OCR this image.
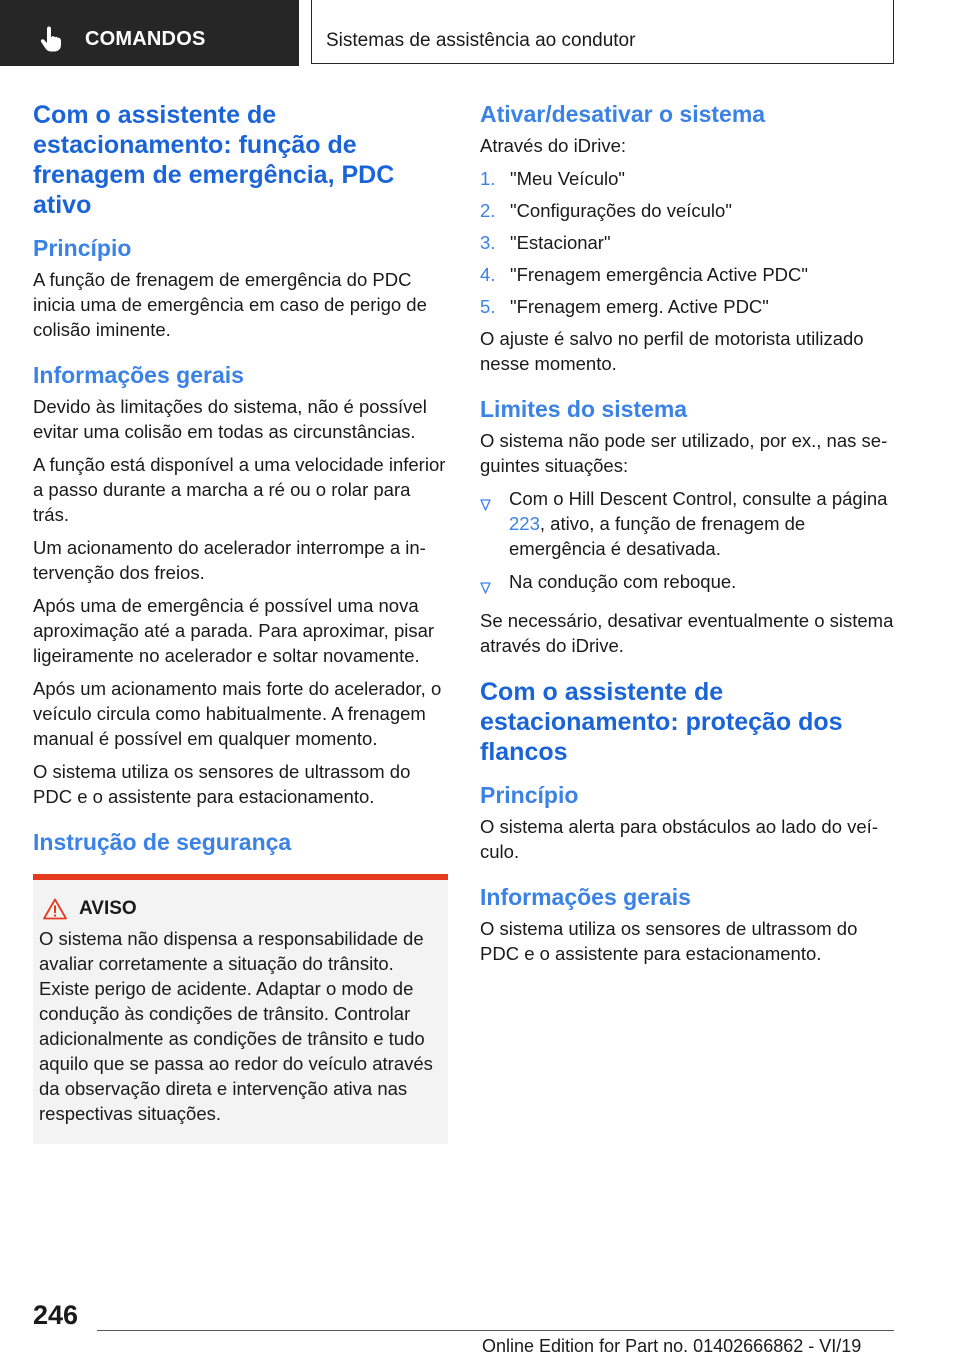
COMANDOS	Sistemas de assistência ao condutor
Com o assistente de estacionamento: função de frenagem de emergência, PDC ativo
Princípio

A função de frenagem de emergência do PDC inicia uma de emergência em caso de perigo de colisão iminente.

Informações gerais

Devido às limitações do sistema, não é possível evitar uma colisão em todas as circunstâncias.

A função está disponível a uma velocidade inferior a passo durante a marcha a ré ou o rolar para trás.

Um acionamento do acelerador interrompe a intervenção dos freios.

Após uma de emergência é possível uma nova aproximação até a parada. Para aproximar, pisar ligeiramente no acelerador e soltar novamente.

Após um acionamento mais forte do acelerador, o veículo circula como habitualmente. A frenagem manual é possível em qualquer momento.

O sistema utiliza os sensores de ultrassom do PDC e o assistente para estacionamento.

Instrução de segurança
AVISO

O sistema não dispensa a responsabilidade de avaliar corretamente a situação do trânsito. Existe perigo de acidente. Adaptar o modo de condução às condições de trânsito. Controlar adicionalmente as condições de trânsito e tudo aquilo que se passa ao redor do veículo através da observação direta e intervenção ativa nas respectivas situações.

Ativar/desativar o sistema

Através do iDrive:

1. "Meu Veículo"
2. "Configurações do veículo"
3. "Estacionar"
4. "Frenagem emergência Active PDC"
5. "Frenagem emerg. Active PDC"

O ajuste é salvo no perfil de motorista utilizado nesse momento.

Limites do sistema

O sistema não pode ser utilizado, por ex., nas seguintes situações:

Com o Hill Descent Control, consulte a página 223, ativo, a função de frenagem de emergência é desativada.
Na condução com reboque.

Se necessário, desativar eventualmente o sistema através do iDrive.

Com o assistente de estacionamento: proteção dos flancos
Princípio

O sistema alerta para obstáculos ao lado do veículo.

Informações gerais

O sistema utiliza os sensores de ultrassom do PDC e o assistente para estacionamento.

246
Online Edition for Part no. 01402666862 - VI/19
